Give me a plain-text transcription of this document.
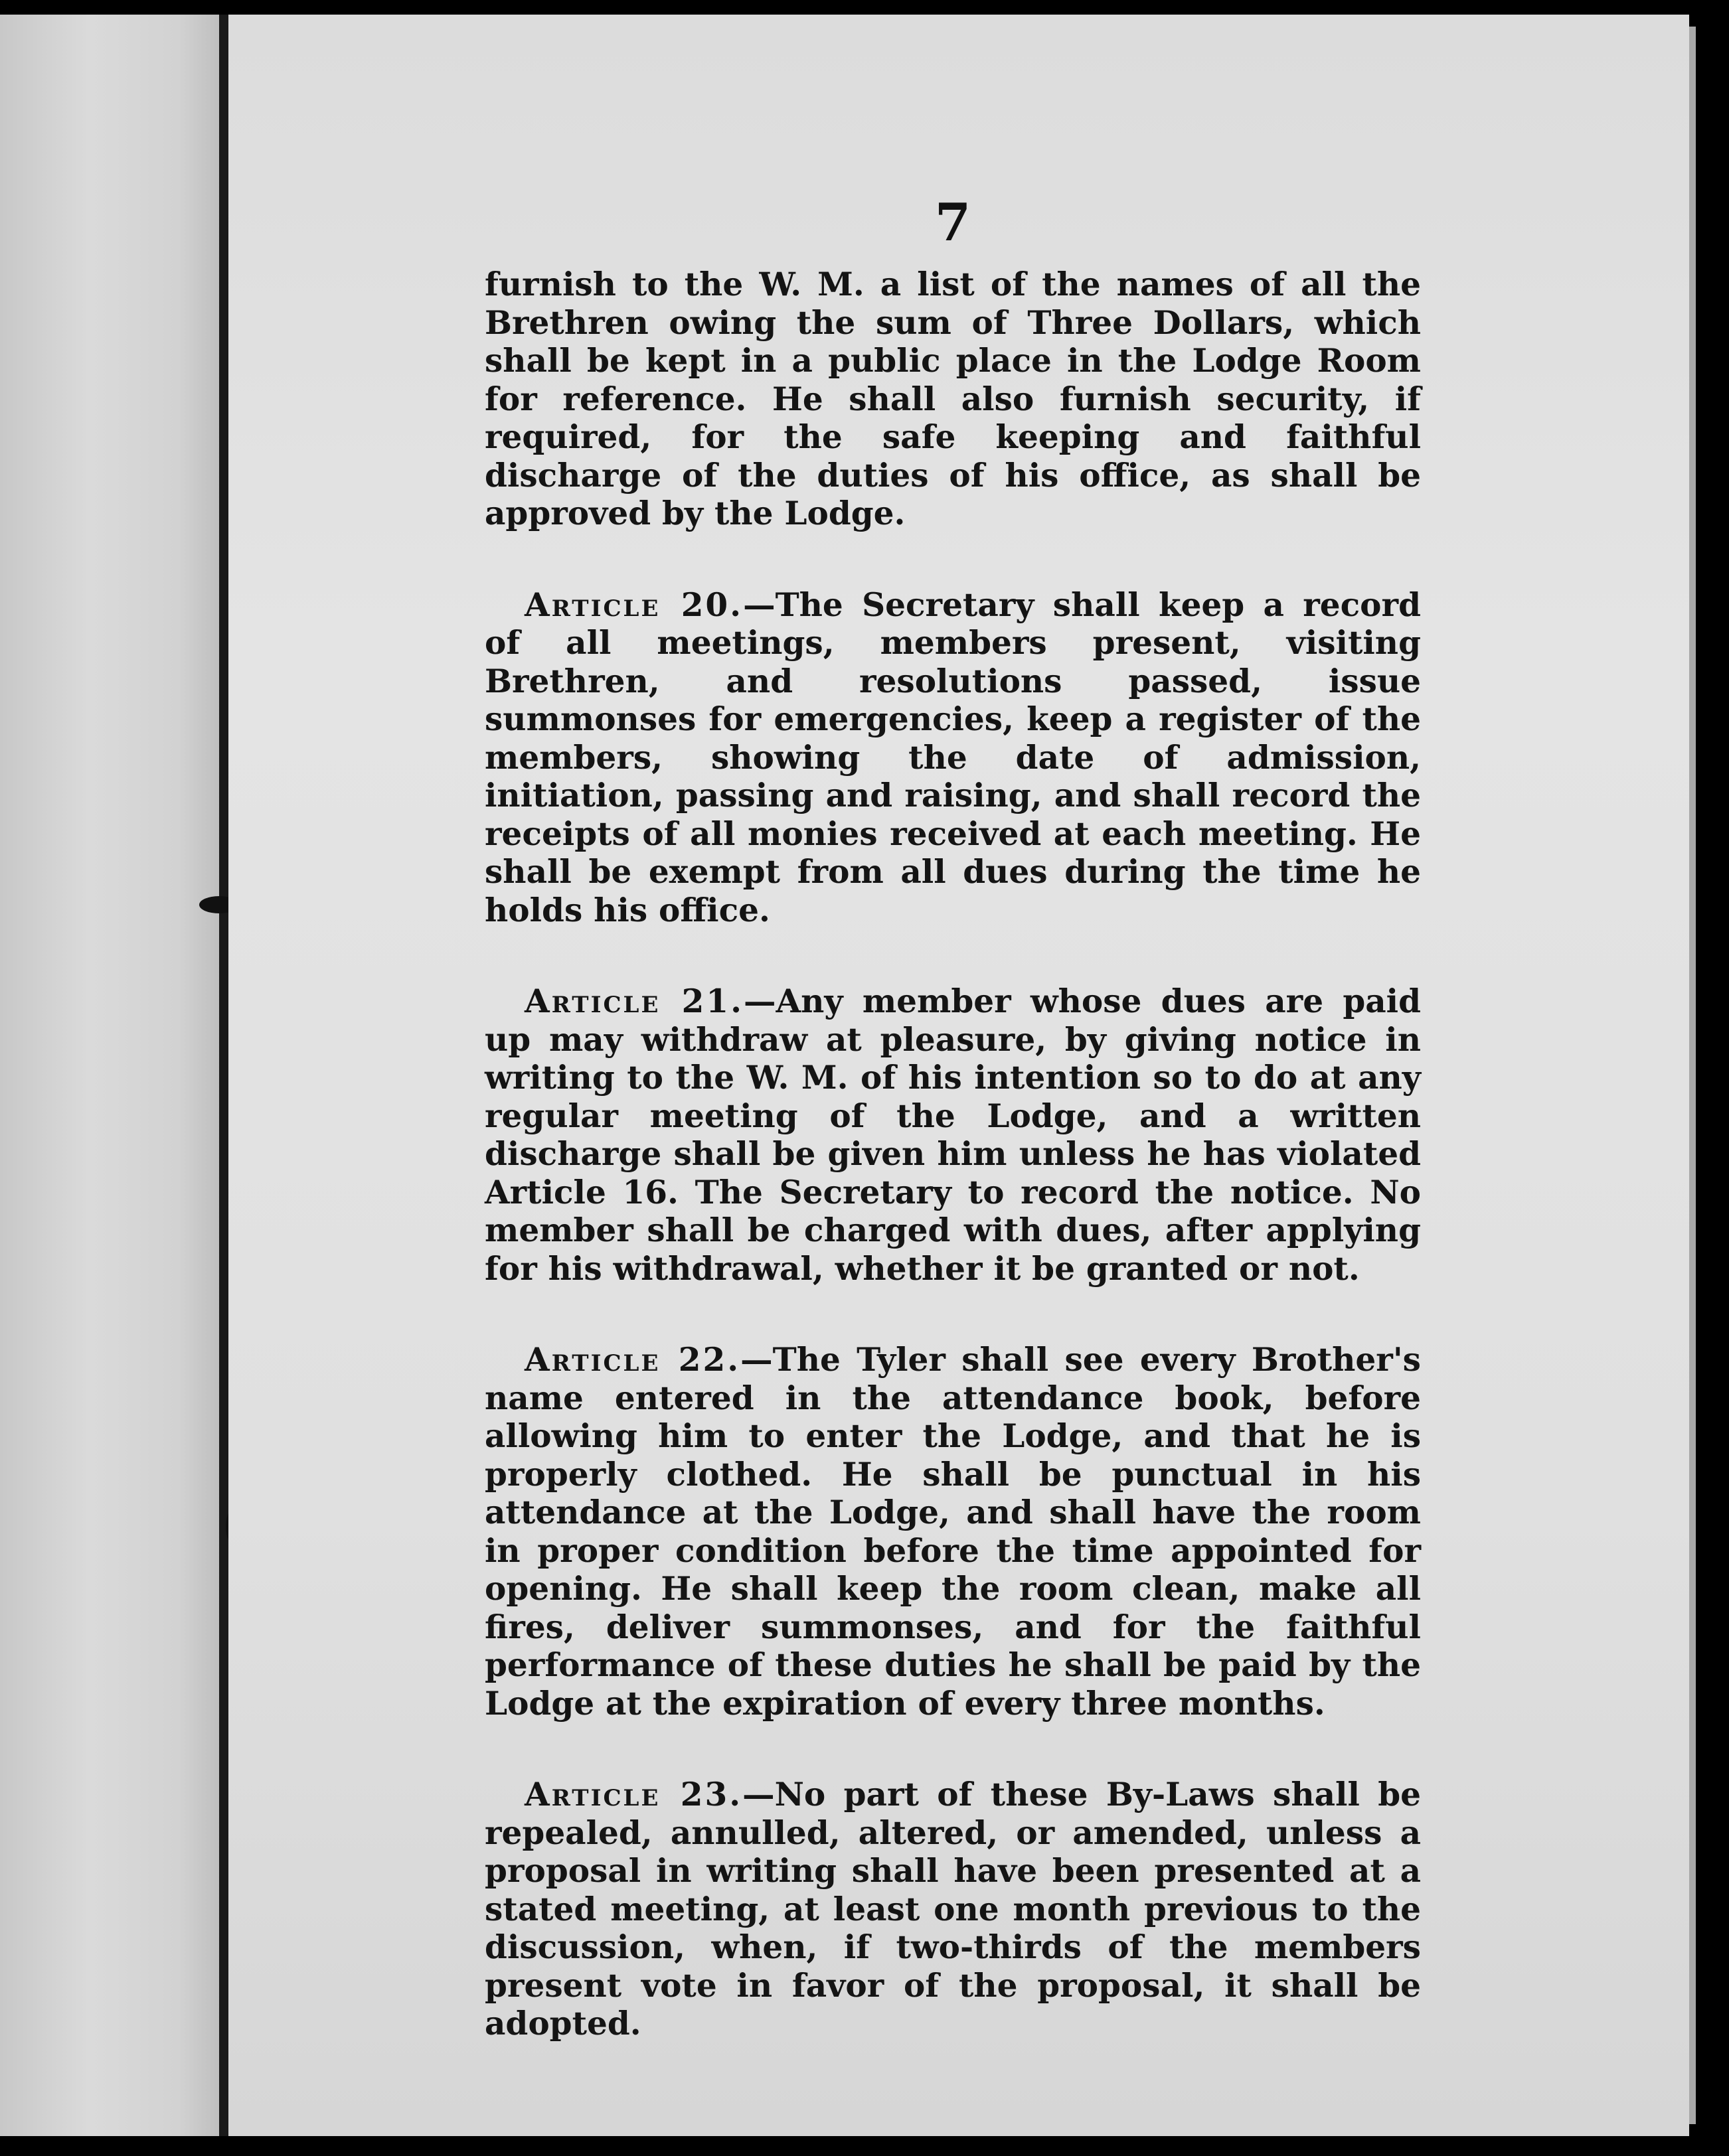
7

furnish to the W. M. a list of the names of all the Brethren owing the sum of Three Dollars, which shall be kept in a public place in the Lodge Room for reference. He shall also furnish security, if required, for the safe keeping and faithful discharge of the duties of his office, as shall be approved by the Lodge.

Article 20.—The Secretary shall keep a record of all meetings, members present, visiting Brethren, and resolutions passed, issue summonses for emergencies, keep a register of the members, showing the date of admission, initiation, passing and raising, and shall record the receipts of all monies received at each meeting. He shall be exempt from all dues during the time he holds his office.

Article 21.—Any member whose dues are paid up may withdraw at pleasure, by giving notice in writing to the W. M. of his intention so to do at any regular meeting of the Lodge, and a written discharge shall be given him unless he has violated Article 16. The Secretary to record the notice. No member shall be charged with dues, after applying for his withdrawal, whether it be granted or not.

Article 22.—The Tyler shall see every Brother's name entered in the attendance book, before allowing him to enter the Lodge, and that he is properly clothed. He shall be punctual in his attendance at the Lodge, and shall have the room in proper condition before the time appointed for opening. He shall keep the room clean, make all fires, deliver summonses, and for the faithful performance of these duties he shall be paid by the Lodge at the expiration of every three months.

Article 23.—No part of these By-Laws shall be repealed, annulled, altered, or amended, unless a proposal in writing shall have been presented at a stated meeting, at least one month previous to the discussion, when, if two-thirds of the members present vote in favor of the proposal, it shall be adopted.
